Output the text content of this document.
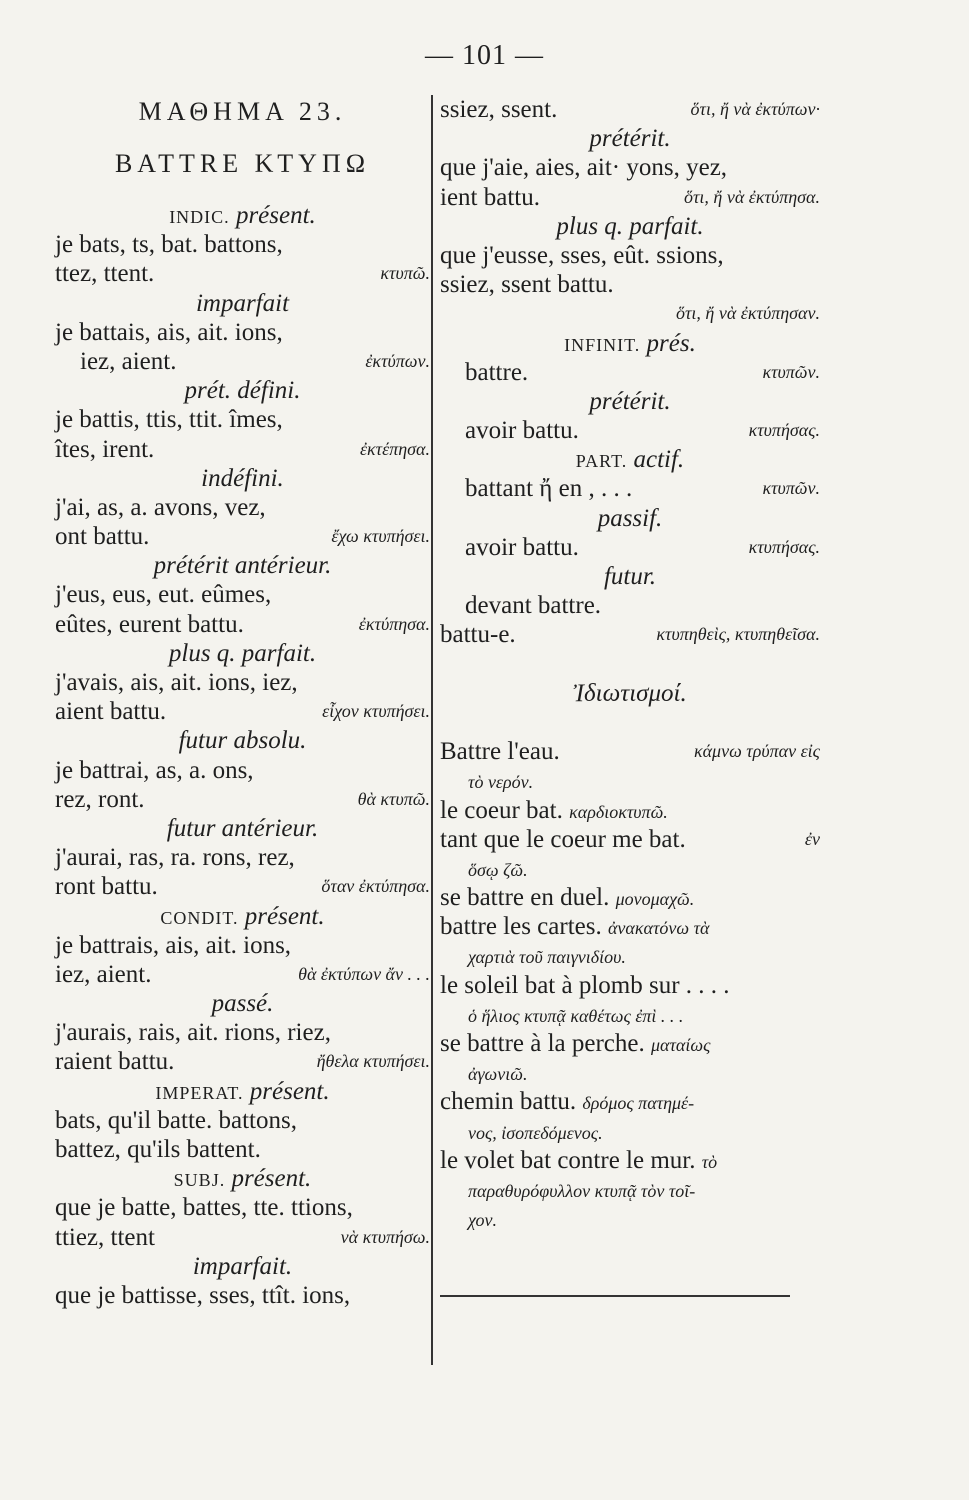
— 101 —
ΜΑΘΗΜΑ 23.
BATTRE ΚΤΥΠΩ
INDIC. présent.
je bats, ts, bat. battons,
ttez, ttent.	κτυπῶ.
imparfait
je battais, ais, ait. ions,
iez, aient.	ἐκτύπων.
prét. défini.
je battis, ttis, ttit. îmes,
îtes, irent.	ἐκτέπησα.
indéfini.
j'ai, as, a. avons, vez,
ont battu.	ἔχω κτυπήσει.
prétérit antérieur.
j'eus, eus, eut. eûmes,
eûtes, eurent battu.	ἐκτύπησα.
plus q. parfait.
j'avais, ais, ait. ions, iez,
aient battu.	εἶχον κτυπήσει.
futur absolu.
je battrai, as, a. ons,
rez, ront.	θὰ κτυπῶ.
futur antérieur.
j'aurai, ras, ra. rons, rez,
ront battu.	ὅταν ἐκτύπησα.
CONDIT. présent.
je battrais, ais, ait. ions,
iez, aient.	θὰ ἐκτύπων ἄν . . .
passé.
j'aurais, rais, ait. rions, riez,
raient battu.	ἤθελα κτυπήσει.
IMPERAT. présent.
bats, qu'il batte. battons,
battez, qu'ils battent.
SUBJ. présent.
que je batte, battes, tte. ttions,
ttiez, ttent	νὰ κτυπήσω.
imparfait.
que je battisse, sses, ttît. ions,
ssiez, ssent.	ὅτι, ἤ νὰ ἐκτύπων·
prétérit.
que j'aie, aies, ait· yons, yez,
ient battu.	ὅτι, ἤ νὰ ἐκτύπησα.
plus q. parfait.
que j'eusse, sses, eût. ssions,
ssiez, ssent battu.
ὅτι, ἤ νὰ ἐκτύπησαν.
INFINIT. prés.
battre.	κτυπῶν.
prétérit.
avoir battu.	κτυπήσας.
PART. actif.
battant ἤ en , . . .	κτυπῶν.
passif.
avoir battu.	κτυπήσας.
futur.
devant battre.
battu-e.	κτυπηθεὶς, κτυπηθεῖσα.
Ἰδιωτισμοί.
Battre l'eau.	κάμνω τρύπαν εἰς
τὸ νερόν.
le coeur bat. καρδιοκτυπῶ.
tant que le coeur me bat.	ἐν
ὅσῳ ζῶ.
se battre en duel. μονομαχῶ.
battre les cartes. ἀνακατόνω τὰ
χαρτιὰ τοῦ παιγνιδίου.
le soleil bat à plomb sur . . . .
ὁ ἥλιος κτυπᾷ καθέτως ἐπὶ . . .
se battre à la perche. ματαίως
ἀγωνιῶ.
chemin battu. δρόμος πατημέ-
νος, ἰσοπεδόμενος.
le volet bat contre le mur. τὸ
παραθυρόφυλλον κτυπᾷ τὸν τοῖ-
χον.
